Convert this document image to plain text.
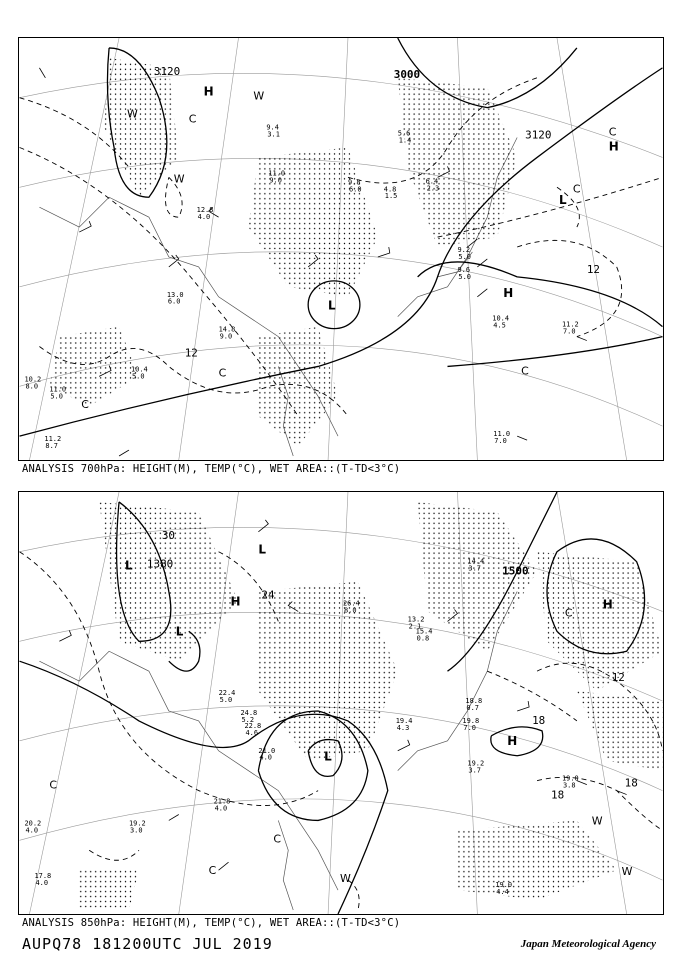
3120	3000
3120
12
12
H
H
H
L
L
W
W
W
C
C
C
C
C
C
10.2
8.0 11.0
5.0
11.2
8.7
10.4
5.0
13.0
6.0
14.8
9.0
12.8
4.0
11.0
9.0
9.4
3.1
9.2
5.0
10.4
4.5	11.2
7.0
11.0
7.0
6.4
2.3
5.6
1.4
4.8
1.5
9.6
5.0
9.8
6.0
ANALYSIS 700hPa: HEIGHT(M), TEMP(°C), WET AREA::(T-TD<3°C)
1380
1500
30
24
18
12
18
18
L
L
L
L
H
H
H
C
C
C
C
W
W
W
22.8
4.6
21.8
4.0
19.2
3.0
20.2
4.0
17.8
4.0
19.2
3.7
19.0
3.8
19.0
4.4
18.8
0.7
19.8
7.0
15.4
0.8
13.2
2.1
14.4
3.7
21.0
4.0
24.8
5.2
22.4
5.0
19.4
4.3
26.4
8.0
ANALYSIS 850hPa: HEIGHT(M), TEMP(°C), WET AREA::(T-TD<3°C)
AUPQ78 181200UTC JUL 2019	Japan Meteorological Agency
